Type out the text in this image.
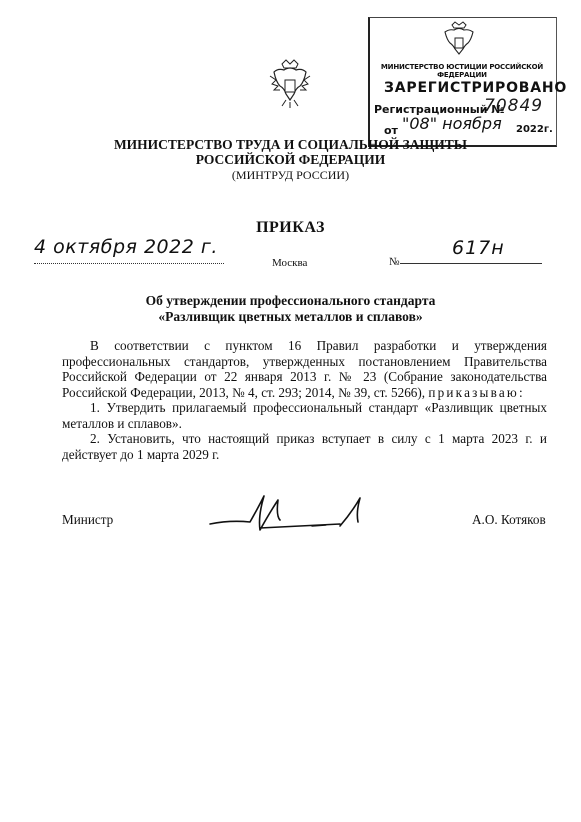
МИНИСТЕРСТВО ЮСТИЦИИ РОССИЙСКОЙ ФЕДЕРАЦИИ
ЗАРЕГИСТРИРОВАНО
Регистрационный №
70849
от "08" ноября 2022г.
МИНИСТЕРСТВО ТРУДА И СОЦИАЛЬНОЙ ЗАЩИТЫ
РОССИЙСКОЙ ФЕДЕРАЦИИ
(МИНТРУД РОССИИ)
ПРИКАЗ
4 октября 2022 г.
Москва	№
617н
Об утверждении профессионального стандарта
«Разливщик цветных металлов и сплавов»

В соответствии с пунктом 16 Правил разработки и утверждения профессиональных стандартов, утвержденных постановлением Правительства Российской Федерации от 22 января 2013 г. № 23 (Собрание законодательства Российской Федерации, 2013, № 4, ст. 293; 2014, № 39, ст. 5266), приказываю:

1. Утвердить прилагаемый профессиональный стандарт «Разливщик цветных металлов и сплавов».

2. Установить, что настоящий приказ вступает в силу с 1 марта 2023 г. и действует до 1 марта 2029 г.

Министр	А.О. Котяков
